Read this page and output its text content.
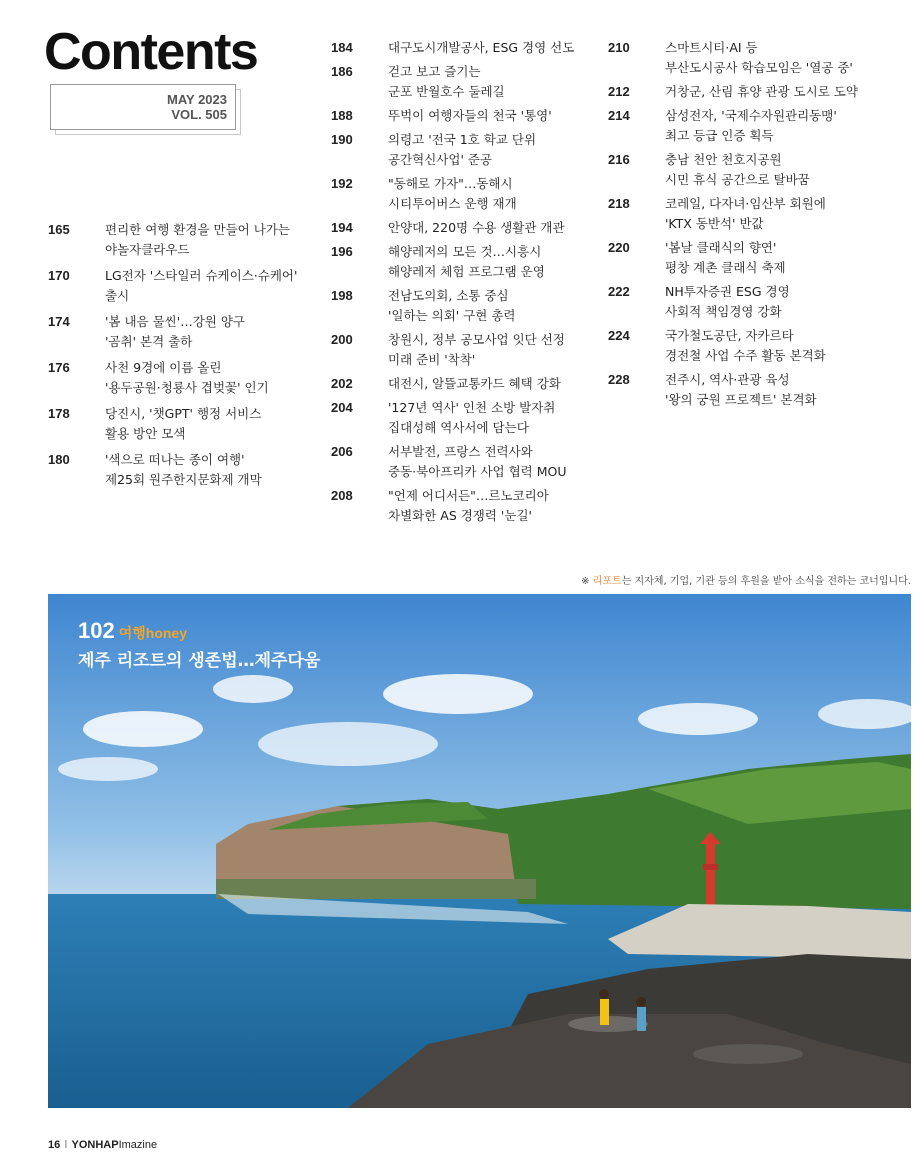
Contents
MAY 2023
VOL. 505
165	편리한 여행 환경을 만들어 나가는
야놀자클라우드
170	LG전자 '스타일러 슈케이스·슈케어'
출시
174	'봄 내음 물씬'…강원 양구
'곰취' 본격 출하
176	사천 9경에 이름 올린
'용두공원·청룡사 겹벚꽃' 인기
178	당진시, '챗GPT' 행정 서비스
활용 방안 모색
180	'색으로 떠나는 종이 여행'
제25회 원주한지문화제 개막
184	대구도시개발공사, ESG 경영 선도
186	걷고 보고 즐기는
군포 반월호수 둘레길
188	뚜벅이 여행자들의 천국 '통영'
190	의령고 '전국 1호 학교 단위
공간혁신사업' 준공
192	"동해로 가자"…동해시
시티투어버스 운행 재개
194	안양대, 220명 수용 생활관 개관
196	해양레저의 모든 것…시흥시
해양레저 체험 프로그램 운영
198	전남도의회, 소통 중심
'일하는 의회' 구현 총력
200	창원시, 정부 공모사업 잇단 선정
미래 준비 '착착'
202	대전시, 알뜰교통카드 혜택 강화
204	'127년 역사' 인천 소방 발자취
집대성해 역사서에 담는다
206	서부발전, 프랑스 전력사와
중동·북아프리카 사업 협력 MOU
208	"언제 어디서든"…르노코리아
차별화한 AS 경쟁력 '눈길'
210	스마트시티·AI 등
부산도시공사 학습모임은 '열공 중'
212	거창군, 산림 휴양 관광 도시로 도약
214	삼성전자, '국제수자원관리동맹'
최고 등급 인증 획득
216	충남 천안 천호지공원
시민 휴식 공간으로 탈바꿈
218	코레일, 다자녀·임산부 회원에
'KTX 동반석' 반값
220	'봄날 클래식의 향연'
평창 계촌 클래식 축제
222	NH투자증권 ESG 경영
사회적 책임경영 강화
224	국가철도공단, 자카르타
경전철 사업 수주 활동 본격화
228	전주시, 역사·관광 육성
'왕의 궁원 프로젝트' 본격화
※ 리포트는 지자체, 기업, 기관 등의 후원을 받아 소식을 전하는 코너입니다.
102 여행honey
제주 리조트의 생존법…제주다움
16 I YONHAPImazine
